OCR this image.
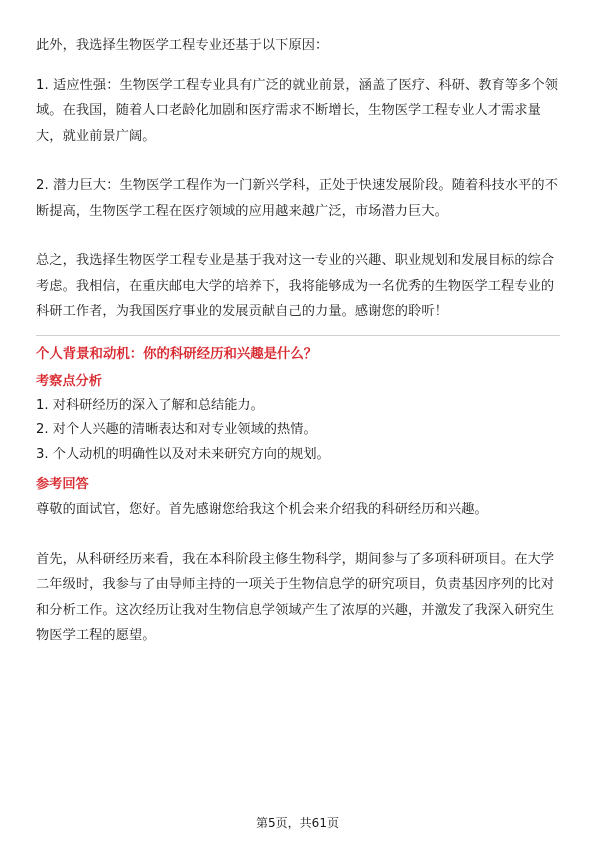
此外，我选择生物医学工程专业还基于以下原因：

1. 适应性强：生物医学工程专业具有广泛的就业前景，涵盖了医疗、科研、教育等多个领域。在我国，随着人口老龄化加剧和医疗需求不断增长，生物医学工程专业人才需求量大，就业前景广阔。

2. 潜力巨大：生物医学工程作为一门新兴学科，正处于快速发展阶段。随着科技水平的不断提高，生物医学工程在医疗领域的应用越来越广泛，市场潜力巨大。

总之，我选择生物医学工程专业是基于我对这一专业的兴趣、职业规划和发展目标的综合考虑。我相信，在重庆邮电大学的培养下，我将能够成为一名优秀的生物医学工程专业的科研工作者，为我国医疗事业的发展贡献自己的力量。感谢您的聆听！

个人背景和动机：你的科研经历和兴趣是什么？

考察点分析

1. 对科研经历的深入了解和总结能力。

2. 对个人兴趣的清晰表达和对专业领域的热情。

3. 个人动机的明确性以及对未来研究方向的规划。

参考回答

尊敬的面试官，您好。首先感谢您给我这个机会来介绍我的科研经历和兴趣。

首先，从科研经历来看，我在本科阶段主修生物科学，期间参与了多项科研项目。在大学二年级时，我参与了由导师主持的一项关于生物信息学的研究项目，负责基因序列的比对和分析工作。这次经历让我对生物信息学领域产生了浓厚的兴趣，并激发了我深入研究生物医学工程的愿望。

第5页，共61页
